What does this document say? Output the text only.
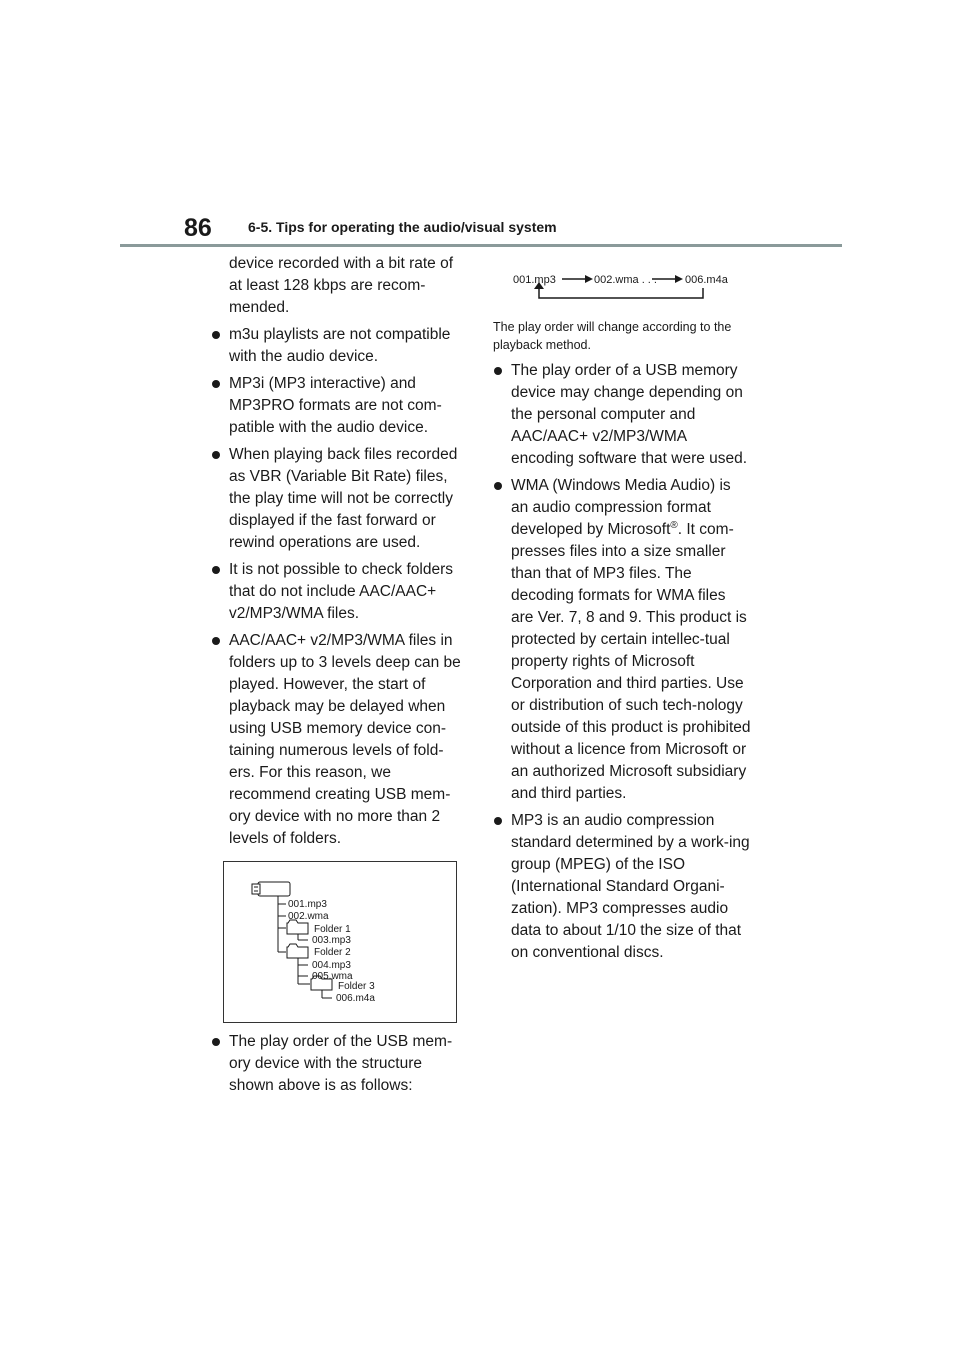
86	6-5. Tips for operating the audio/visual system
device recorded with a bit rate of at least 128 kbps are recom-mended.
m3u playlists are not compatible with the audio device.
MP3i (MP3 interactive) and MP3PRO formats are not com-patible with the audio device.
When playing back files recorded as VBR (Variable Bit Rate) files, the play time will not be correctly displayed if the fast forward or rewind operations are used.
It is not possible to check folders that do not include AAC/AAC+ v2/MP3/WMA files.
AAC/AAC+ v2/MP3/WMA files in folders up to 3 levels deep can be played. However, the start of playback may be delayed when using USB memory device con-taining numerous levels of fold-ers. For this reason, we recommend creating USB mem-ory device with no more than 2 levels of folders.
001.mp3
002.wma
Folder 1
003.mp3
Folder 2
004.mp3
005.wma
Folder 3
006.m4a
The play order of the USB mem-ory device with the structure shown above is as follows:
001.mp3	002.wma . . .	006.m4a
The play order will change according to the playback method.
The play order of a USB memory device may change depending on the personal computer and AAC/AAC+ v2/MP3/WMA encoding software that were used.
WMA (Windows Media Audio) is an audio compression format developed by Microsoft®. It com-presses files into a size smaller than that of MP3 files. The decoding formats for WMA files are Ver. 7, 8 and 9. This product is protected by certain intellec-tual property rights of Microsoft Corporation and third parties. Use or distribution of such tech-nology outside of this product is prohibited without a licence from Microsoft or an authorized Microsoft subsidiary and third parties.
MP3 is an audio compression standard determined by a work-ing group (MPEG) of the ISO (International Standard Organi-zation). MP3 compresses audio data to about 1/10 the size of that on conventional discs.
